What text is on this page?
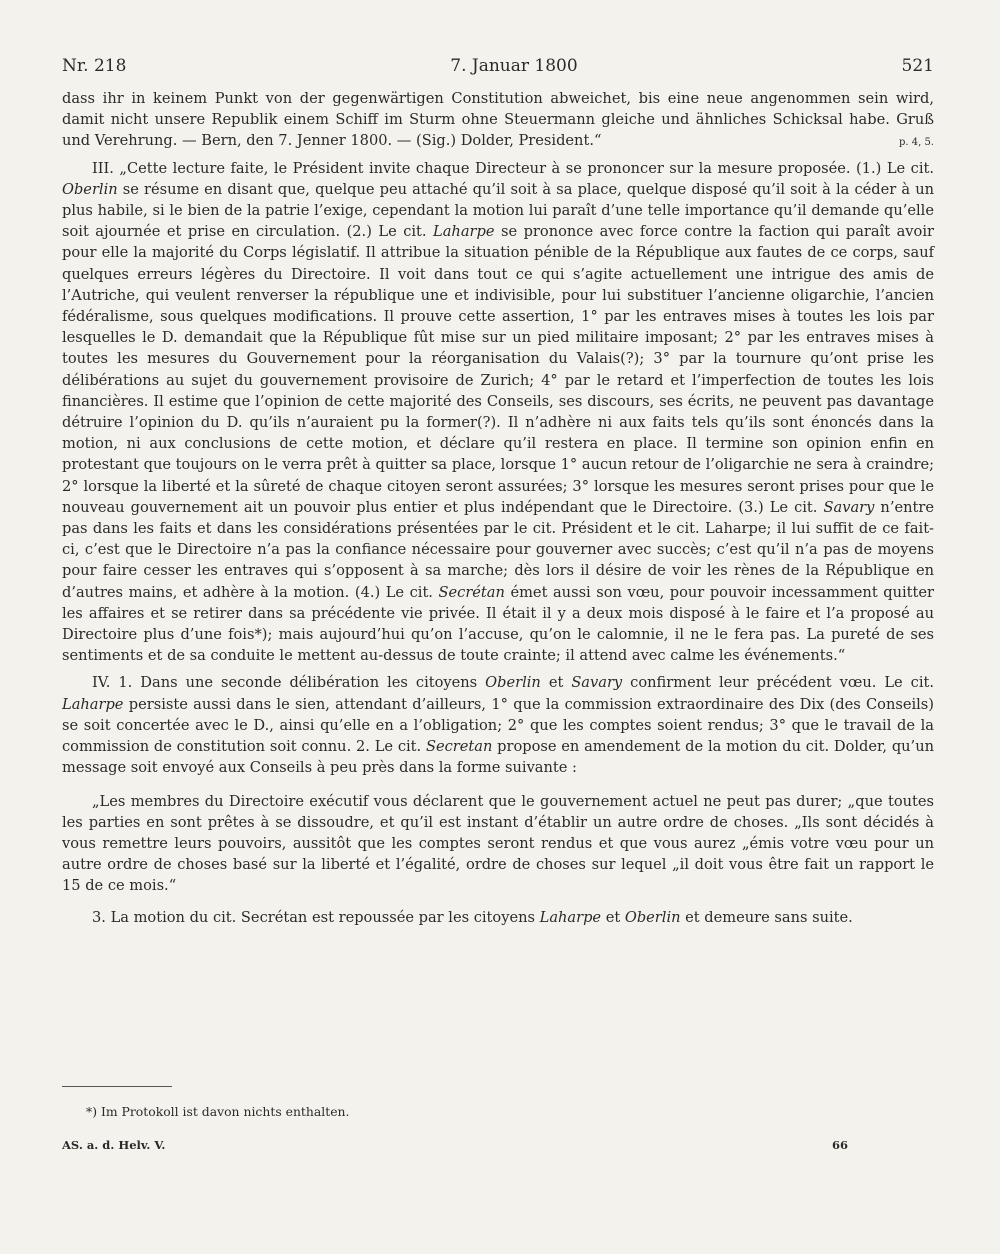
Nr. 218	7. Januar 1800	521

dass ihr in keinem Punkt von der gegenwärtigen Constitution abweichet, bis eine neue angenommen sein wird, damit nicht unsere Republik einem Schiff im Sturm ohne Steuermann gleiche und ähnliches Schicksal habe. Gruß und Verehrung. — Bern, den 7. Jenner 1800. — (Sig.) Dolder, President.“	p. 4, 5.

III. „Cette lecture faite, le Président invite chaque Directeur à se prononcer sur la mesure proposée. (1.) Le cit. Oberlin se résume en disant que, quelque peu attaché qu’il soit à sa place, quelque disposé qu’il soit à la céder à un plus habile, si le bien de la patrie l’exige, cependant la motion lui paraît d’une telle importance qu’il demande qu’elle soit ajournée et prise en circulation. (2.) Le cit. Laharpe se prononce avec force contre la faction qui paraît avoir pour elle la majorité du Corps législatif. Il attribue la situation pénible de la République aux fautes de ce corps, sauf quelques erreurs légères du Directoire. Il voit dans tout ce qui s’agite actuellement une intrigue des amis de l’Autriche, qui veulent renverser la république une et indivisible, pour lui substituer l’ancienne oligarchie, l’ancien fédéralisme, sous quelques modifications. Il prouve cette assertion, 1° par les entraves mises à toutes les lois par lesquelles le D. demandait que la République fût mise sur un pied militaire imposant; 2° par les entraves mises à toutes les mesures du Gouvernement pour la réorganisation du Valais(?); 3° par la tournure qu’ont prise les délibérations au sujet du gouvernement provisoire de Zurich; 4° par le retard et l’imperfection de toutes les lois financières. Il estime que l’opinion de cette majorité des Conseils, ses discours, ses écrits, ne peuvent pas davantage détruire l’opinion du D. qu’ils n’auraient pu la former(?). Il n’adhère ni aux faits tels qu’ils sont énoncés dans la motion, ni aux conclusions de cette motion, et déclare qu’il restera en place. Il termine son opinion enfin en protestant que toujours on le verra prêt à quitter sa place, lorsque 1° aucun retour de l’oligarchie ne sera à craindre; 2° lorsque la liberté et la sûreté de chaque citoyen seront assurées; 3° lorsque les mesures seront prises pour que le nouveau gouvernement ait un pouvoir plus entier et plus indépendant que le Directoire. (3.) Le cit. Savary n’entre pas dans les faits et dans les considérations présentées par le cit. Président et le cit. Laharpe; il lui suffit de ce fait-ci, c’est que le Directoire n’a pas la confiance nécessaire pour gouverner avec succès; c’est qu’il n’a pas de moyens pour faire cesser les entraves qui s’opposent à sa marche; dès lors il désire de voir les rènes de la République en d’autres mains, et adhère à la motion. (4.) Le cit. Secrétan émet aussi son vœu, pour pouvoir incessamment quitter les affaires et se retirer dans sa précédente vie privée. Il était il y a deux mois disposé à le faire et l’a proposé au Directoire plus d’une fois*); mais aujourd’hui qu’on l’accuse, qu’on le calomnie, il ne le fera pas. La pureté de ses sentiments et de sa conduite le mettent au-dessus de toute crainte; il attend avec calme les événements.“

IV. 1. Dans une seconde délibération les citoyens Oberlin et Savary confirment leur précédent vœu. Le cit. Laharpe persiste aussi dans le sien, attendant d’ailleurs, 1° que la commission extraordinaire des Dix (des Conseils) se soit concertée avec le D., ainsi qu’elle en a l’obligation; 2° que les comptes soient rendus; 3° que le travail de la commission de constitution soit connu. 2. Le cit. Secretan propose en amendement de la motion du cit. Dolder, qu’un message soit envoyé aux Conseils à peu près dans la forme suivante :

„Les membres du Directoire exécutif vous déclarent que le gouvernement actuel ne peut pas durer; „que toutes les parties en sont prêtes à se dissoudre, et qu’il est instant d’établir un autre ordre de choses. „Ils sont décidés à vous remettre leurs pouvoirs, aussitôt que les comptes seront rendus et que vous aurez „émis votre vœu pour un autre ordre de choses basé sur la liberté et l’égalité, ordre de choses sur lequel „il doit vous être fait un rapport le 15 de ce mois.“

3. La motion du cit. Secrétan est repoussée par les citoyens Laharpe et Oberlin et demeure sans suite.

*) Im Protokoll ist davon nichts enthalten.
AS. a. d. Helv. V.	66
